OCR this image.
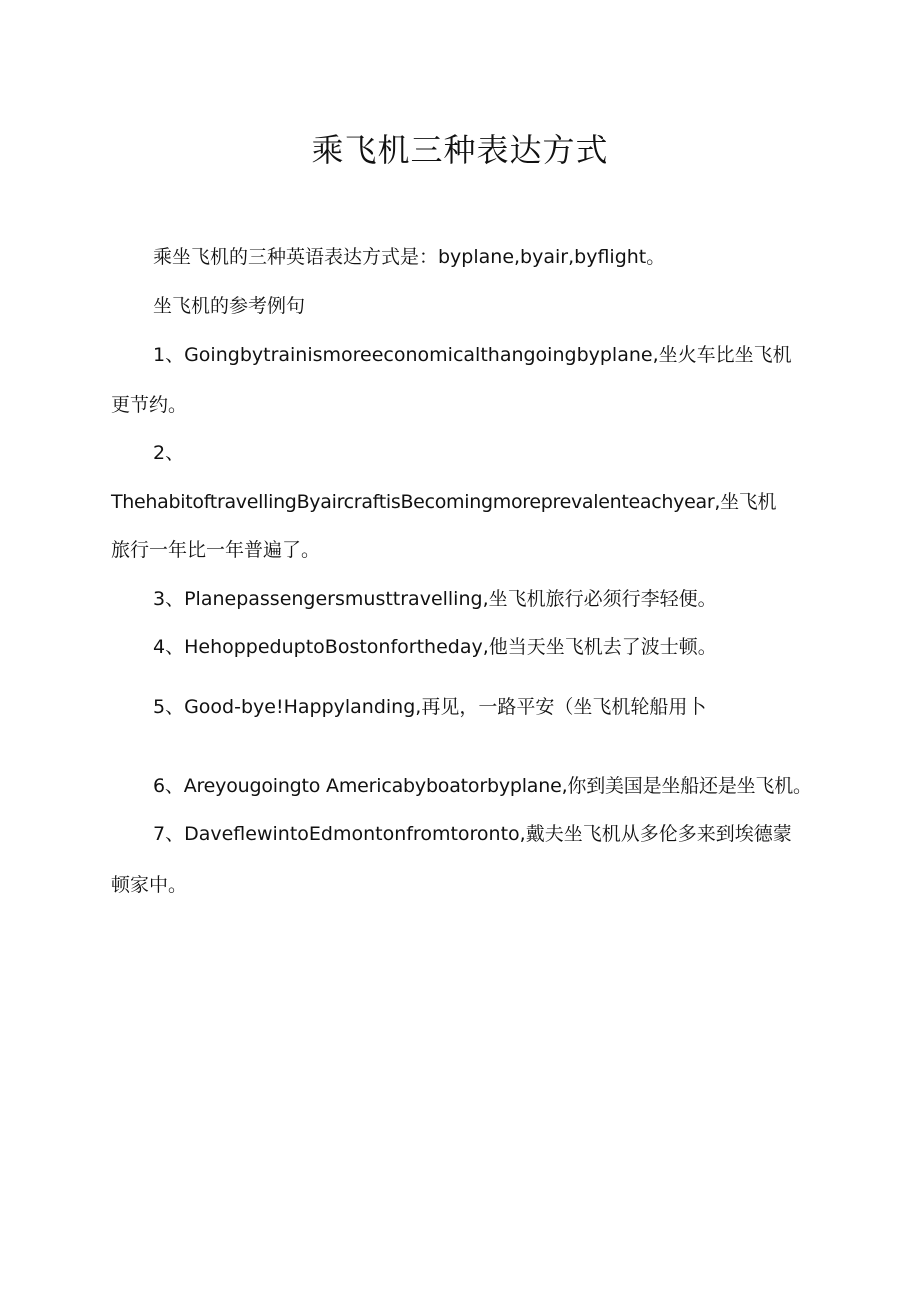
乘飞机三种表达方式
乘坐飞机的三种英语表达方式是：byplane,byair,byflight。
坐飞机的参考例句
1、Goingbytrainismoreeconomicalthangoingbyplane,坐火车比坐飞机
更节约。
2、
ThehabitoftravellingByaircraftisBecomingmoreprevalenteachyear,坐飞机
旅行一年比一年普遍了。
3、Planepassengersmusttravelling,坐飞机旅行必须行李轻便。
4、HehoppeduptoBostonfortheday,他当天坐飞机去了波士顿。
5、Good-bye!Happylanding,再见，一路平安（坐飞机轮船用卜
6、Areyougoingto Americabyboatorbyplane,你到美国是坐船还是坐飞机。
7、DaveflewintoEdmontonfromtoronto,戴夫坐飞机从多伦多来到埃德蒙
顿家中。
